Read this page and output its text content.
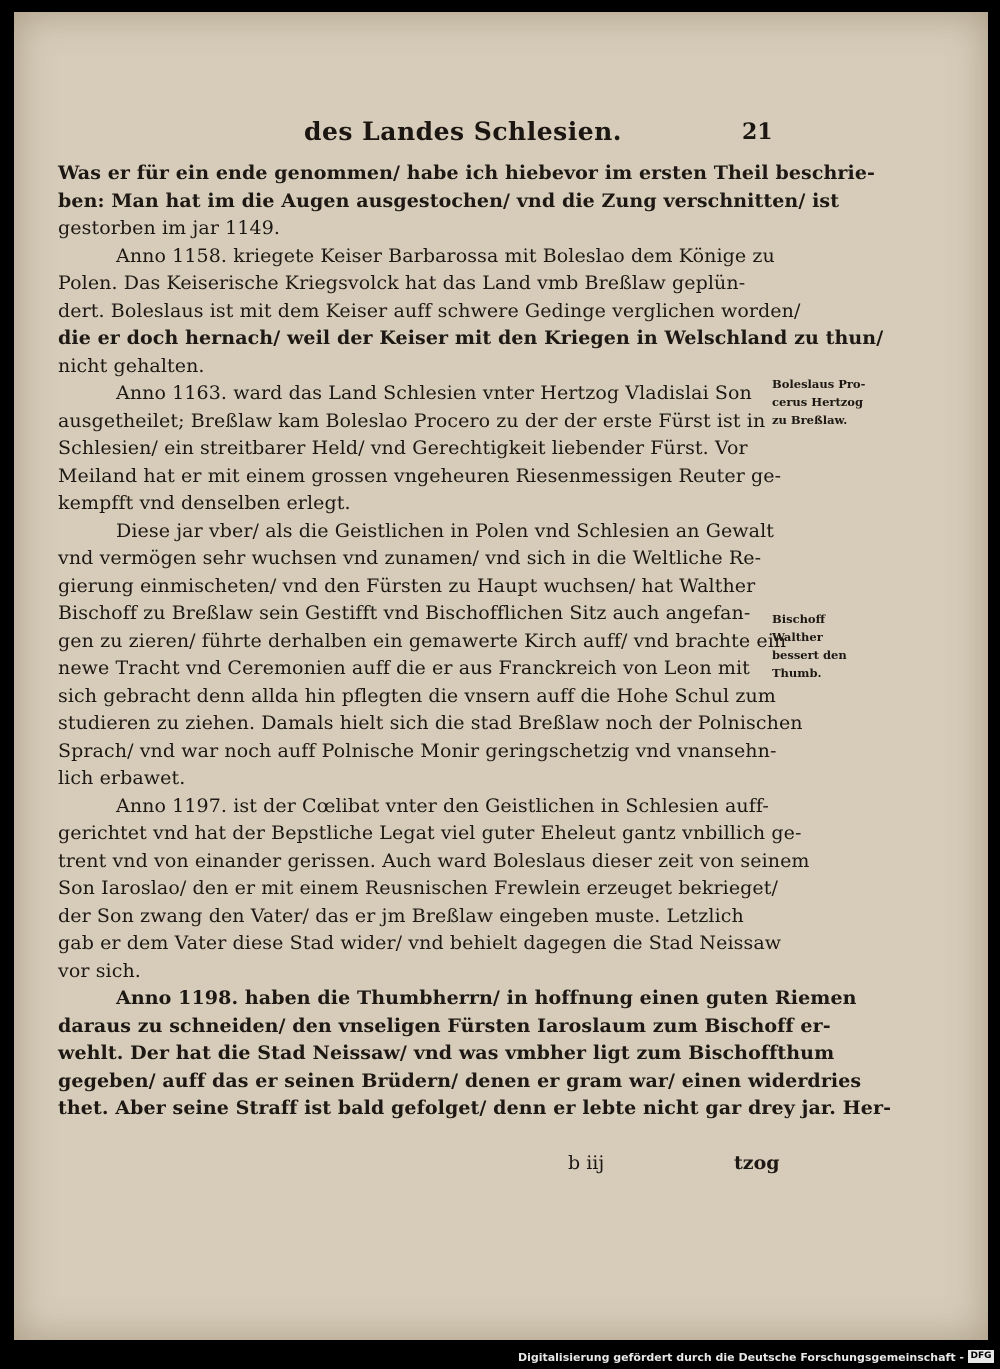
des Landes Schlesien.	21
Was er für ein ende genommen/ habe ich hiebevor im ersten Theil beschrie-
ben: Man hat im die Augen ausgestochen/ vnd die Zung verschnitten/ ist
gestorben im jar 1149.
Anno 1158. kriegete Keiser Barbarossa mit Boleslao dem Könige zu
Polen. Das Keiserische Kriegsvolck hat das Land vmb Breßlaw geplün-
dert. Boleslaus ist mit dem Keiser auff schwere Gedinge verglichen worden/
die er doch hernach/ weil der Keiser mit den Kriegen in Welschland zu thun/
nicht gehalten.
Anno 1163. ward das Land Schlesien vnter Hertzog Vladislai Son
ausgetheilet; Breßlaw kam Boleslao Procero zu der der erste Fürst ist in
Schlesien/ ein streitbarer Held/ vnd Gerechtigkeit liebender Fürst. Vor
Meiland hat er mit einem grossen vngeheuren Riesenmessigen Reuter ge-
kempfft vnd denselben erlegt.
Diese jar vber/ als die Geistlichen in Polen vnd Schlesien an Gewalt
vnd vermögen sehr wuchsen vnd zunamen/ vnd sich in die Weltliche Re-
gierung einmischeten/ vnd den Fürsten zu Haupt wuchsen/ hat Walther
Bischoff zu Breßlaw sein Gestifft vnd Bischofflichen Sitz auch angefan-
gen zu zieren/ führte derhalben ein gemawerte Kirch auff/ vnd brachte ein
newe Tracht vnd Ceremonien auff die er aus Franckreich von Leon mit
sich gebracht denn allda hin pflegten die vnsern auff die Hohe Schul zum
studieren zu ziehen. Damals hielt sich die stad Breßlaw noch der Polnischen
Sprach/ vnd war noch auff Polnische Monir geringschetzig vnd vnansehn-
lich erbawet.
Anno 1197. ist der Cœlibat vnter den Geistlichen in Schlesien auff-
gerichtet vnd hat der Bepstliche Legat viel guter Eheleut gantz vnbillich ge-
trent vnd von einander gerissen. Auch ward Boleslaus dieser zeit von seinem
Son Iaroslao/ den er mit einem Reusnischen Frewlein erzeuget bekrieget/
der Son zwang den Vater/ das er jm Breßlaw eingeben muste. Letzlich
gab er dem Vater diese Stad wider/ vnd behielt dagegen die Stad Neissaw
vor sich.
Anno 1198. haben die Thumbherrn/ in hoffnung einen guten Riemen
daraus zu schneiden/ den vnseligen Fürsten Iaroslaum zum Bischoff er-
wehlt. Der hat die Stad Neissaw/ vnd was vmbher ligt zum Bischoffthum
gegeben/ auff das er seinen Brüdern/ denen er gram war/ einen widerdries
thet. Aber seine Straff ist bald gefolget/ denn er lebte nicht gar drey jar. Her-
Boleslaus Pro-
cerus Hertzog
zu Breßlaw.
Bischoff
Walther
bessert den
Thumb.
b iij	tzog
Digitalisierung gefördert durch die Deutsche Forschungsgemeinschaft - DFG
